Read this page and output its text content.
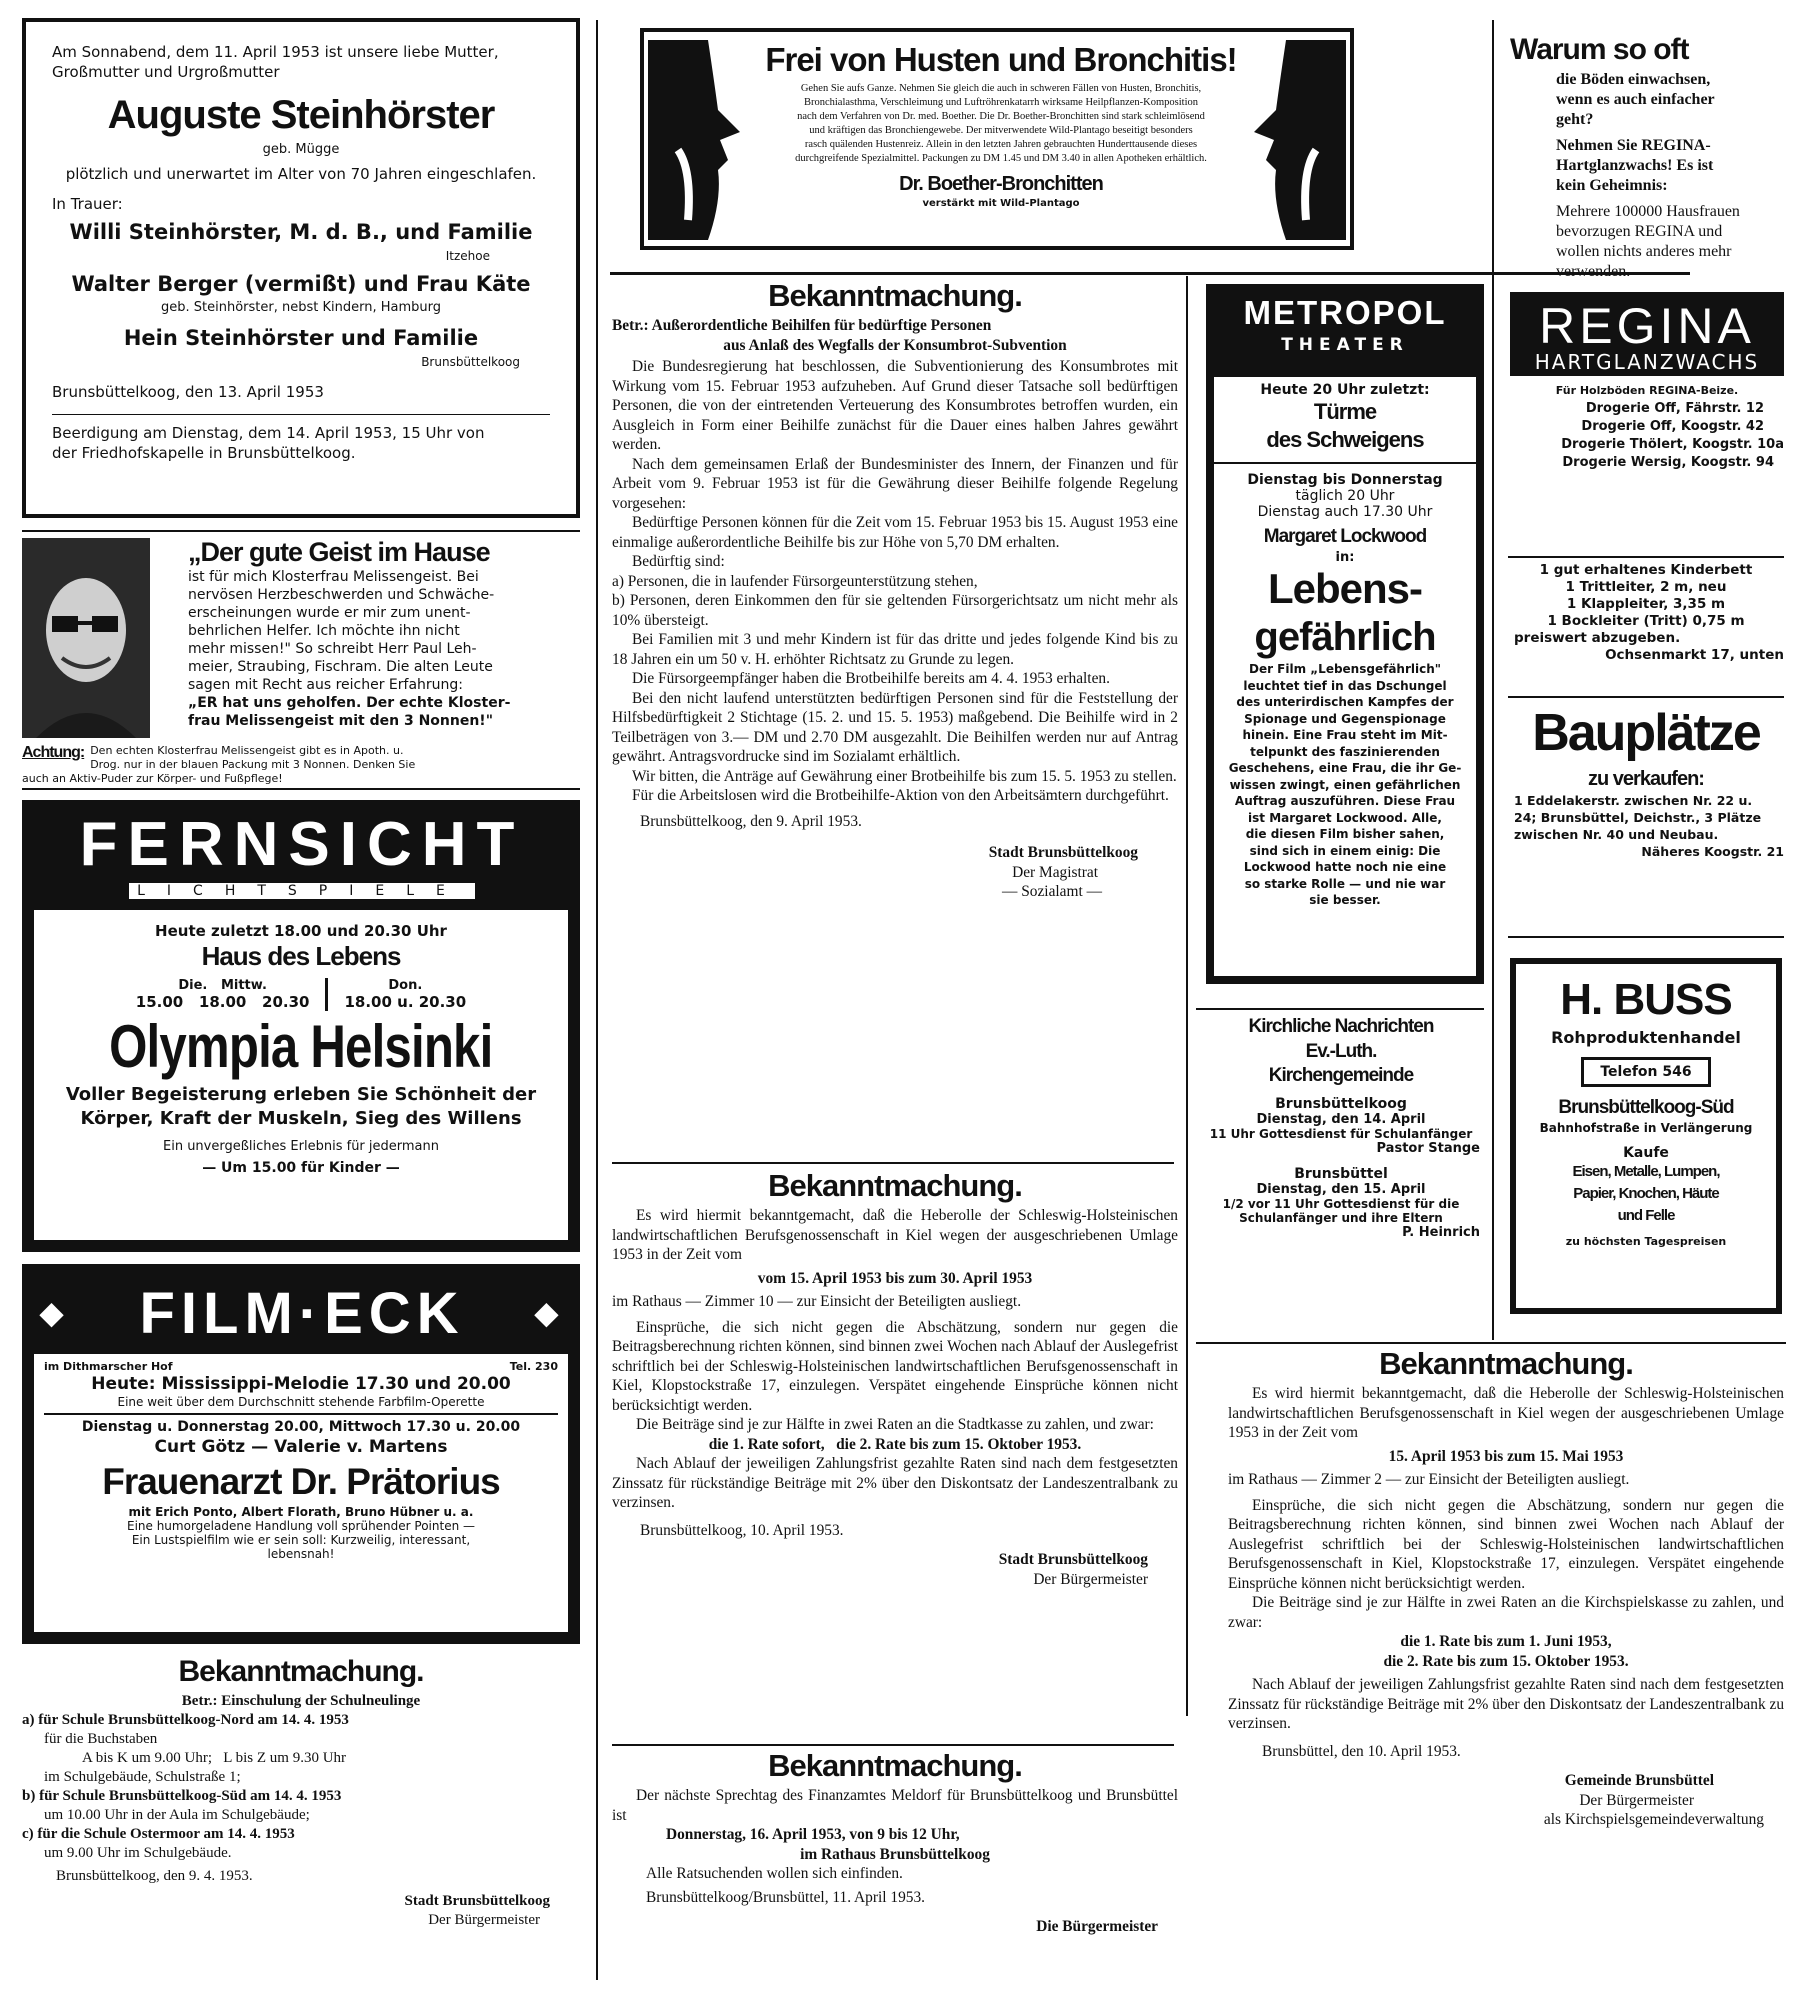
Am Sonnabend, dem 11. April 1953 ist unsere liebe Mutter,
Großmutter und Urgroßmutter
Auguste Steinhörster
geb. Mügge
plötzlich und unerwartet im Alter von 70 Jahren eingeschlafen.
In Trauer:
Willi Steinhörster, M. d. B., und Familie
Itzehoe
Walter Berger (vermißt) und Frau Käte
geb. Steinhörster, nebst Kindern, Hamburg
Hein Steinhörster und Familie
Brunsbüttelkoog
Brunsbüttelkoog, den 13. April 1953
Beerdigung am Dienstag, dem 14. April 1953, 15 Uhr von
der Friedhofskapelle in Brunsbüttelkoog.
„Der gute Geist im Hause
ist für mich Klosterfrau Melissengeist. Bei
nervösen Herzbeschwerden und Schwäche-
erscheinungen wurde er mir zum unent-
behrlichen Helfer. Ich möchte ihn nicht
mehr missen!" So schreibt Herr Paul Leh-
meier, Straubing, Fischram. Die alten Leute
sagen mit Recht aus reicher Erfahrung:
„ER hat uns geholfen. Der echte Kloster-
frau Melissengeist mit den 3 Nonnen!"
Achtung: Den echten Klosterfrau Melissengeist gibt es in Apoth. u.
Drog. nur in der blauen Packung mit 3 Nonnen. Denken Sie
auch an Aktiv-Puder zur Körper- und Fußpflege!
FERNSICHT
LICHTSPIELE
Heute zuletzt 18.00 und 20.30 Uhr
Haus des Lebens
Die.   Mittw.
15.00   18.00   20.30
Don.
18.00 u. 20.30
Olympia Helsinki
Voller Begeisterung erleben Sie Schönheit der
Körper, Kraft der Muskeln, Sieg des Willens
Ein unvergeßliches Erlebnis für jedermann
— Um 15.00 für Kinder —
◆ FILM·ECK ◆
im Dithmarscher Hof	Tel. 230
Heute: Mississippi-Melodie 17.30 und 20.00
Eine weit über dem Durchschnitt stehende Farbfilm-Operette
Dienstag u. Donnerstag 20.00, Mittwoch 17.30 u. 20.00
Curt Götz — Valerie v. Martens
Frauenarzt Dr. Prätorius
mit Erich Ponto, Albert Florath, Bruno Hübner u. a.
Eine humorgeladene Handlung voll sprühender Pointen —
Ein Lustspielfilm wie er sein soll: Kurzweilig, interessant,
lebensnah!
Bekanntmachung.
Betr.: Einschulung der Schulneulinge
a) für Schule Brunsbüttelkoog-Nord am 14. 4. 1953
für die Buchstaben
A bis K um 9.00 Uhr;   L bis Z um 9.30 Uhr
im Schulgebäude, Schulstraße 1;
b) für Schule Brunsbüttelkoog-Süd am 14. 4. 1953
um 10.00 Uhr in der Aula im Schulgebäude;
c) für die Schule Ostermoor am 14. 4. 1953
um 9.00 Uhr im Schulgebäude.
Brunsbüttelkoog, den 9. 4. 1953.
Stadt Brunsbüttelkoog
Der Bürgermeister
Frei von Husten und Bronchitis!
Gehen Sie aufs Ganze. Nehmen Sie gleich die auch in schweren Fällen von Husten, Bronchitis,
Bronchialasthma, Verschleimung und Luftröhrenkatarrh wirksame Heilpflanzen-Komposition
nach dem Verfahren von Dr. med. Boether. Die Dr. Boether-Bronchitten sind stark schleimlösend
und kräftigen das Bronchiengewebe. Der mitverwendete Wild-Plantago beseitigt besonders
rasch quälenden Hustenreiz. Allein in den letzten Jahren gebrauchten Hunderttausende dieses
durchgreifende Spezialmittel. Packungen zu DM 1.45 und DM 3.40 in allen Apotheken erhältlich.
Dr. Boether-Bronchitten
verstärkt mit Wild-Plantago
Bekanntmachung.
Betr.: Außerordentliche Beihilfen für bedürftige Personen
aus Anlaß des Wegfalls der Konsumbrot-Subvention

Die Bundesregierung hat beschlossen, die Subventionierung des Konsumbrotes mit Wirkung vom 15. Februar 1953 aufzuheben. Auf Grund dieser Tatsache soll bedürftigen Personen, die von der eintretenden Verteuerung des Konsumbrotes betroffen wurden, ein Ausgleich in Form einer Beihilfe zunächst für die Dauer eines halben Jahres gewährt werden.

Nach dem gemeinsamen Erlaß der Bundesminister des Innern, der Finanzen und für Arbeit vom 9. Februar 1953 ist für die Gewährung dieser Beihilfe folgende Regelung vorgesehen:

Bedürftige Personen können für die Zeit vom 15. Februar 1953 bis 15. August 1953 eine einmalige außerordentliche Beihilfe bis zur Höhe von 5,70 DM erhalten.

Bedürftig sind:

a) Personen, die in laufender Fürsorgeunterstützung stehen,

b) Personen, deren Einkommen den für sie geltenden Fürsorgerichtsatz um nicht mehr als 10% übersteigt.

Bei Familien mit 3 und mehr Kindern ist für das dritte und jedes folgende Kind bis zu 18 Jahren ein um 50 v. H. erhöhter Richtsatz zu Grunde zu legen.

Die Fürsorgeempfänger haben die Brotbeihilfe bereits am 4. 4. 1953 erhalten.

Bei den nicht laufend unterstützten bedürftigen Personen sind für die Feststellung der Hilfsbedürftigkeit 2 Stichtage (15. 2. und 15. 5. 1953) maßgebend. Die Beihilfe wird in 2 Teilbeträgen von 3.— DM und 2.70 DM ausgezahlt. Die Beihilfen werden nur auf Antrag gewährt. Antragsvordrucke sind im Sozialamt erhältlich.

Wir bitten, die Anträge auf Gewährung einer Brotbeihilfe bis zum 15. 5. 1953 zu stellen.

Für die Arbeitslosen wird die Brotbeihilfe-Aktion von den Arbeitsämtern durchgeführt.

Brunsbüttelkoog, den 9. April 1953.
Stadt Brunsbüttelkoog
Der Magistrat
— Sozialamt —
Bekanntmachung.

Es wird hiermit bekanntgemacht, daß die Heberolle der Schleswig-Holsteinischen landwirtschaftlichen Berufsgenossenschaft in Kiel wegen der ausgeschriebenen Umlage 1953 in der Zeit vom

vom 15. April 1953 bis zum 30. April 1953

im Rathaus — Zimmer 10 — zur Einsicht der Beteiligten ausliegt.

Einsprüche, die sich nicht gegen die Abschätzung, sondern nur gegen die Beitragsberechnung richten können, sind binnen zwei Wochen nach Ablauf der Auslegefrist schriftlich bei der Schleswig-Holsteinischen landwirtschaftlichen Berufsgenossenschaft in Kiel, Klopstockstraße 17, einzulegen. Verspätet eingehende Einsprüche können nicht berücksichtigt werden.

Die Beiträge sind je zur Hälfte in zwei Raten an die Stadtkasse zu zahlen, und zwar:

die 1. Rate sofort,   die 2. Rate bis zum 15. Oktober 1953.

Nach Ablauf der jeweiligen Zahlungsfrist gezahlte Raten sind nach dem festgesetzten Zinssatz für rückständige Beiträge mit 2% über den Diskontsatz der Landeszentralbank zu verzinsen.

Brunsbüttelkoog, 10. April 1953.
Stadt Brunsbüttelkoog
Der Bürgermeister
Bekanntmachung.

Der nächste Sprechtag des Finanzamtes Meldorf für Brunsbüttelkoog und Brunsbüttel ist

Donnerstag, 16. April 1953, von 9 bis 12 Uhr,
im Rathaus Brunsbüttelkoog
Alle Ratsuchenden wollen sich einfinden.
Brunsbüttelkoog/Brunsbüttel, 11. April 1953.
Die Bürgermeister
METROPOL
THEATER
Heute 20 Uhr zuletzt:
Türme
des Schweigens
Dienstag bis Donnerstag
täglich 20 Uhr
Dienstag auch 17.30 Uhr
Margaret Lockwood
in:
Lebens-
gefährlich
Der Film „Lebensgefährlich"
leuchtet tief in das Dschungel
des unterirdischen Kampfes der
Spionage und Gegenspionage
hinein. Eine Frau steht im Mit-
telpunkt des faszinierenden
Geschehens, eine Frau, die ihr Ge-
wissen zwingt, einen gefährlichen
Auftrag auszuführen. Diese Frau
ist Margaret Lockwood. Alle,
die diesen Film bisher sahen,
sind sich in einem einig: Die
Lockwood hatte noch nie eine
so starke Rolle — und nie war
sie besser.
Kirchliche Nachrichten
Ev.-Luth.
Kirchengemeinde
Brunsbüttelkoog
Dienstag, den 14. April
11 Uhr Gottesdienst für Schulanfänger
Pastor Stange
Brunsbüttel
Dienstag, den 15. April
1/2 vor 11 Uhr Gottesdienst für die
Schulanfänger und ihre Eltern
P. Heinrich
Bekanntmachung.

Es wird hiermit bekanntgemacht, daß die Heberolle der Schleswig-Holsteinischen landwirtschaftlichen Berufsgenossenschaft in Kiel wegen der ausgeschriebenen Umlage 1953 in der Zeit vom

15. April 1953 bis zum 15. Mai 1953

im Rathaus — Zimmer 2 — zur Einsicht der Beteiligten ausliegt.

Einsprüche, die sich nicht gegen die Abschätzung, sondern nur gegen die Beitragsberechnung richten können, sind binnen zwei Wochen nach Ablauf der Auslegefrist schriftlich bei der Schleswig-Holsteinischen landwirtschaftlichen Berufsgenossenschaft in Kiel, Klopstockstraße 17, einzulegen. Verspätet eingehende Einsprüche können nicht berücksichtigt werden.

Die Beiträge sind je zur Hälfte in zwei Raten an die Kirchspielskasse zu zahlen, und zwar:

die 1. Rate bis zum 1. Juni 1953,
die 2. Rate bis zum 15. Oktober 1953.

Nach Ablauf der jeweiligen Zahlungsfrist gezahlte Raten sind nach dem festgesetzten Zinssatz für rückständige Beiträge mit 2% über den Diskontsatz der Landeszentralbank zu verzinsen.

Brunsbüttel, den 10. April 1953.
Gemeinde Brunsbüttel
Der Bürgermeister
als Kirchspielsgemeindeverwaltung
Warum so oft
die Böden einwachsen,
wenn es auch einfacher
geht?
Nehmen Sie REGINA-
Hartglanzwachs! Es ist
kein Geheimnis:
Mehrere 100000 Hausfrauen
bevorzugen REGINA und
wollen nichts anderes mehr
verwenden.
REGINA
HARTGLANZWACHS
Für Holzböden REGINA-Beize.
Drogerie Off, Fährstr. 12
Drogerie Off, Koogstr. 42
Drogerie Thölert, Koogstr. 10a
Drogerie Wersig, Koogstr. 94
1 gut erhaltenes Kinderbett
1 Trittleiter, 2 m, neu
1 Klappleiter, 3,35 m
1 Bockleiter (Tritt) 0,75 m
preiswert abzugeben.
Ochsenmarkt 17, unten
Bauplätze
zu verkaufen:
1 Eddelakerstr. zwischen Nr. 22 u.
24; Brunsbüttel, Deichstr., 3 Plätze
zwischen Nr. 40 und Neubau.
Näheres Koogstr. 21
H. BUSS
Rohproduktenhandel
Telefon 546
Brunsbüttelkoog-Süd
Bahnhofstraße in Verlängerung
Kaufe
Eisen, Metalle, Lumpen,
Papier, Knochen, Häute
und Felle
zu höchsten Tagespreisen
